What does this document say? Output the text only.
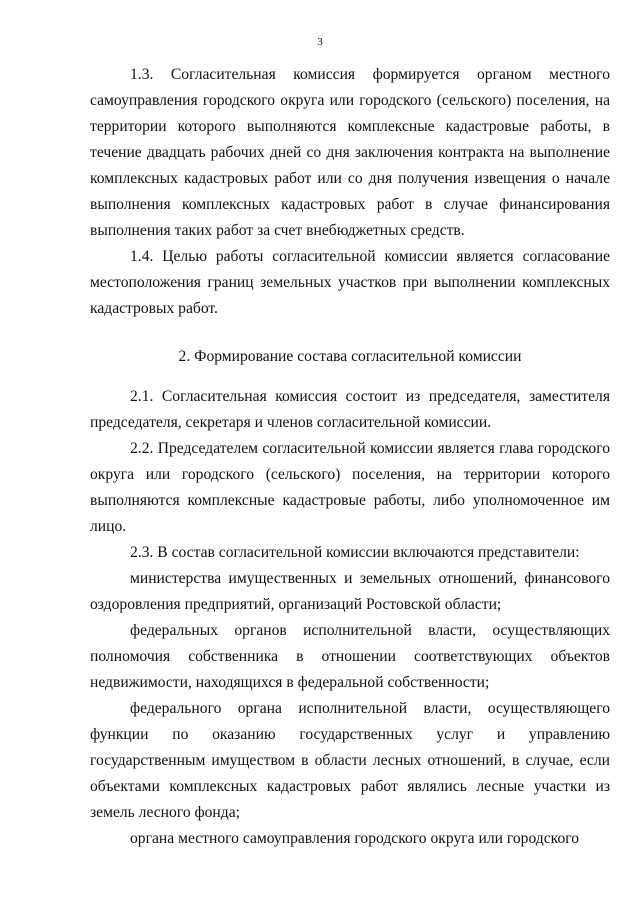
3

1.3. Согласительная комиссия формируется органом местного самоуправления городского округа или городского (сельского) поселения, на территории которого выполняются комплексные кадастровые работы, в течение двадцать рабочих дней со дня заключения контракта на выполнение комплексных кадастровых работ или со дня получения извещения о начале выполнения комплексных кадастровых работ в случае финансирования выполнения таких работ за счет внебюджетных средств.

1.4. Целью работы согласительной комиссии является согласование местоположения границ земельных участков при выполнении комплексных кадастровых работ.

2. Формирование состава согласительной комиссии

2.1. Согласительная комиссия состоит из председателя, заместителя председателя, секретаря и членов согласительной комиссии.

2.2. Председателем согласительной комиссии является глава городского округа или городского (сельского) поселения, на территории которого выполняются комплексные кадастровые работы, либо уполномоченное им лицо.

2.3. В состав согласительной комиссии включаются представители:

министерства имущественных и земельных отношений, финансового оздоровления предприятий, организаций Ростовской области;

федеральных органов исполнительной власти, осуществляющих полномочия собственника в отношении соответствующих объектов недвижимости, находящихся в федеральной собственности;

федерального органа исполнительной власти, осуществляющего функции по оказанию государственных услуг и управлению государственным имуществом в области лесных отношений, в случае, если объектами комплексных кадастровых работ являлись лесные участки из земель лесного фонда;

органа местного самоуправления городского округа или городского
